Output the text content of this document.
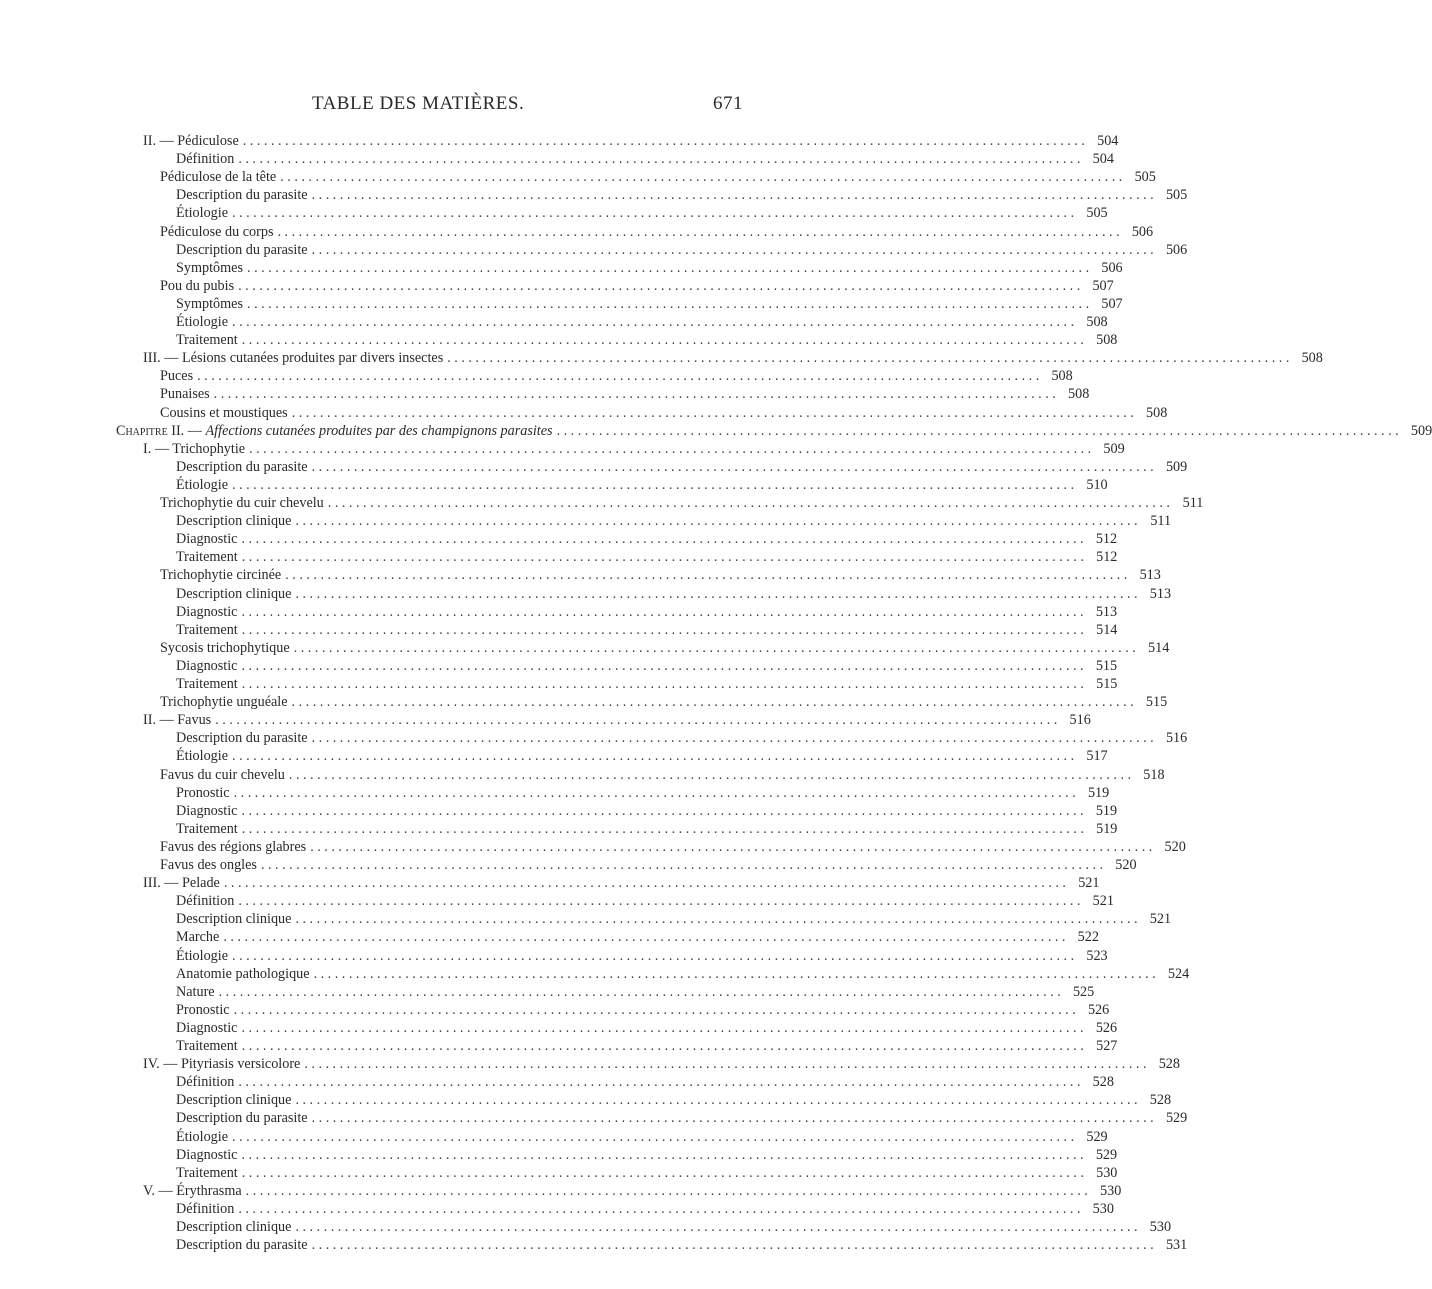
TABLE DES MATIÈRES.	671
II. — Pédiculose ........................................................................................................................ 504
Définition ........................................................................................................................ 504
Pédiculose de la tête ........................................................................................................................ 505
Description du parasite ........................................................................................................................ 505
Étiologie ........................................................................................................................ 505
Pédiculose du corps ........................................................................................................................ 506
Description du parasite ........................................................................................................................ 506
Symptômes ........................................................................................................................ 506
Pou du pubis ........................................................................................................................ 507
Symptômes ........................................................................................................................ 507
Étiologie ........................................................................................................................ 508
Traitement ........................................................................................................................ 508
III. — Lésions cutanées produites par divers insectes ........................................................................................................................ 508
Puces ........................................................................................................................ 508
Punaises ........................................................................................................................ 508
Cousins et moustiques ........................................................................................................................ 508
Chapitre II. — Affections cutanées produites par des champignons parasites ........................................................................................................................ 509
I. — Trichophytie ........................................................................................................................ 509
Description du parasite ........................................................................................................................ 509
Étiologie ........................................................................................................................ 510
Trichophytie du cuir chevelu ........................................................................................................................ 511
Description clinique ........................................................................................................................ 511
Diagnostic ........................................................................................................................ 512
Traitement ........................................................................................................................ 512
Trichophytie circinée ........................................................................................................................ 513
Description clinique ........................................................................................................................ 513
Diagnostic ........................................................................................................................ 513
Traitement ........................................................................................................................ 514
Sycosis trichophytique ........................................................................................................................ 514
Diagnostic ........................................................................................................................ 515
Traitement ........................................................................................................................ 515
Trichophytie unguéale ........................................................................................................................ 515
II. — Favus ........................................................................................................................ 516
Description du parasite ........................................................................................................................ 516
Étiologie ........................................................................................................................ 517
Favus du cuir chevelu ........................................................................................................................ 518
Pronostic ........................................................................................................................ 519
Diagnostic ........................................................................................................................ 519
Traitement ........................................................................................................................ 519
Favus des régions glabres ........................................................................................................................ 520
Favus des ongles ........................................................................................................................ 520
III. — Pelade ........................................................................................................................ 521
Définition ........................................................................................................................ 521
Description clinique ........................................................................................................................ 521
Marche ........................................................................................................................ 522
Étiologie ........................................................................................................................ 523
Anatomie pathologique ........................................................................................................................ 524
Nature ........................................................................................................................ 525
Pronostic ........................................................................................................................ 526
Diagnostic ........................................................................................................................ 526
Traitement ........................................................................................................................ 527
IV. — Pityriasis versicolore ........................................................................................................................ 528
Définition ........................................................................................................................ 528
Description clinique ........................................................................................................................ 528
Description du parasite ........................................................................................................................ 529
Étiologie ........................................................................................................................ 529
Diagnostic ........................................................................................................................ 529
Traitement ........................................................................................................................ 530
V. — Érythrasma ........................................................................................................................ 530
Définition ........................................................................................................................ 530
Description clinique ........................................................................................................................ 530
Description du parasite ........................................................................................................................ 531
